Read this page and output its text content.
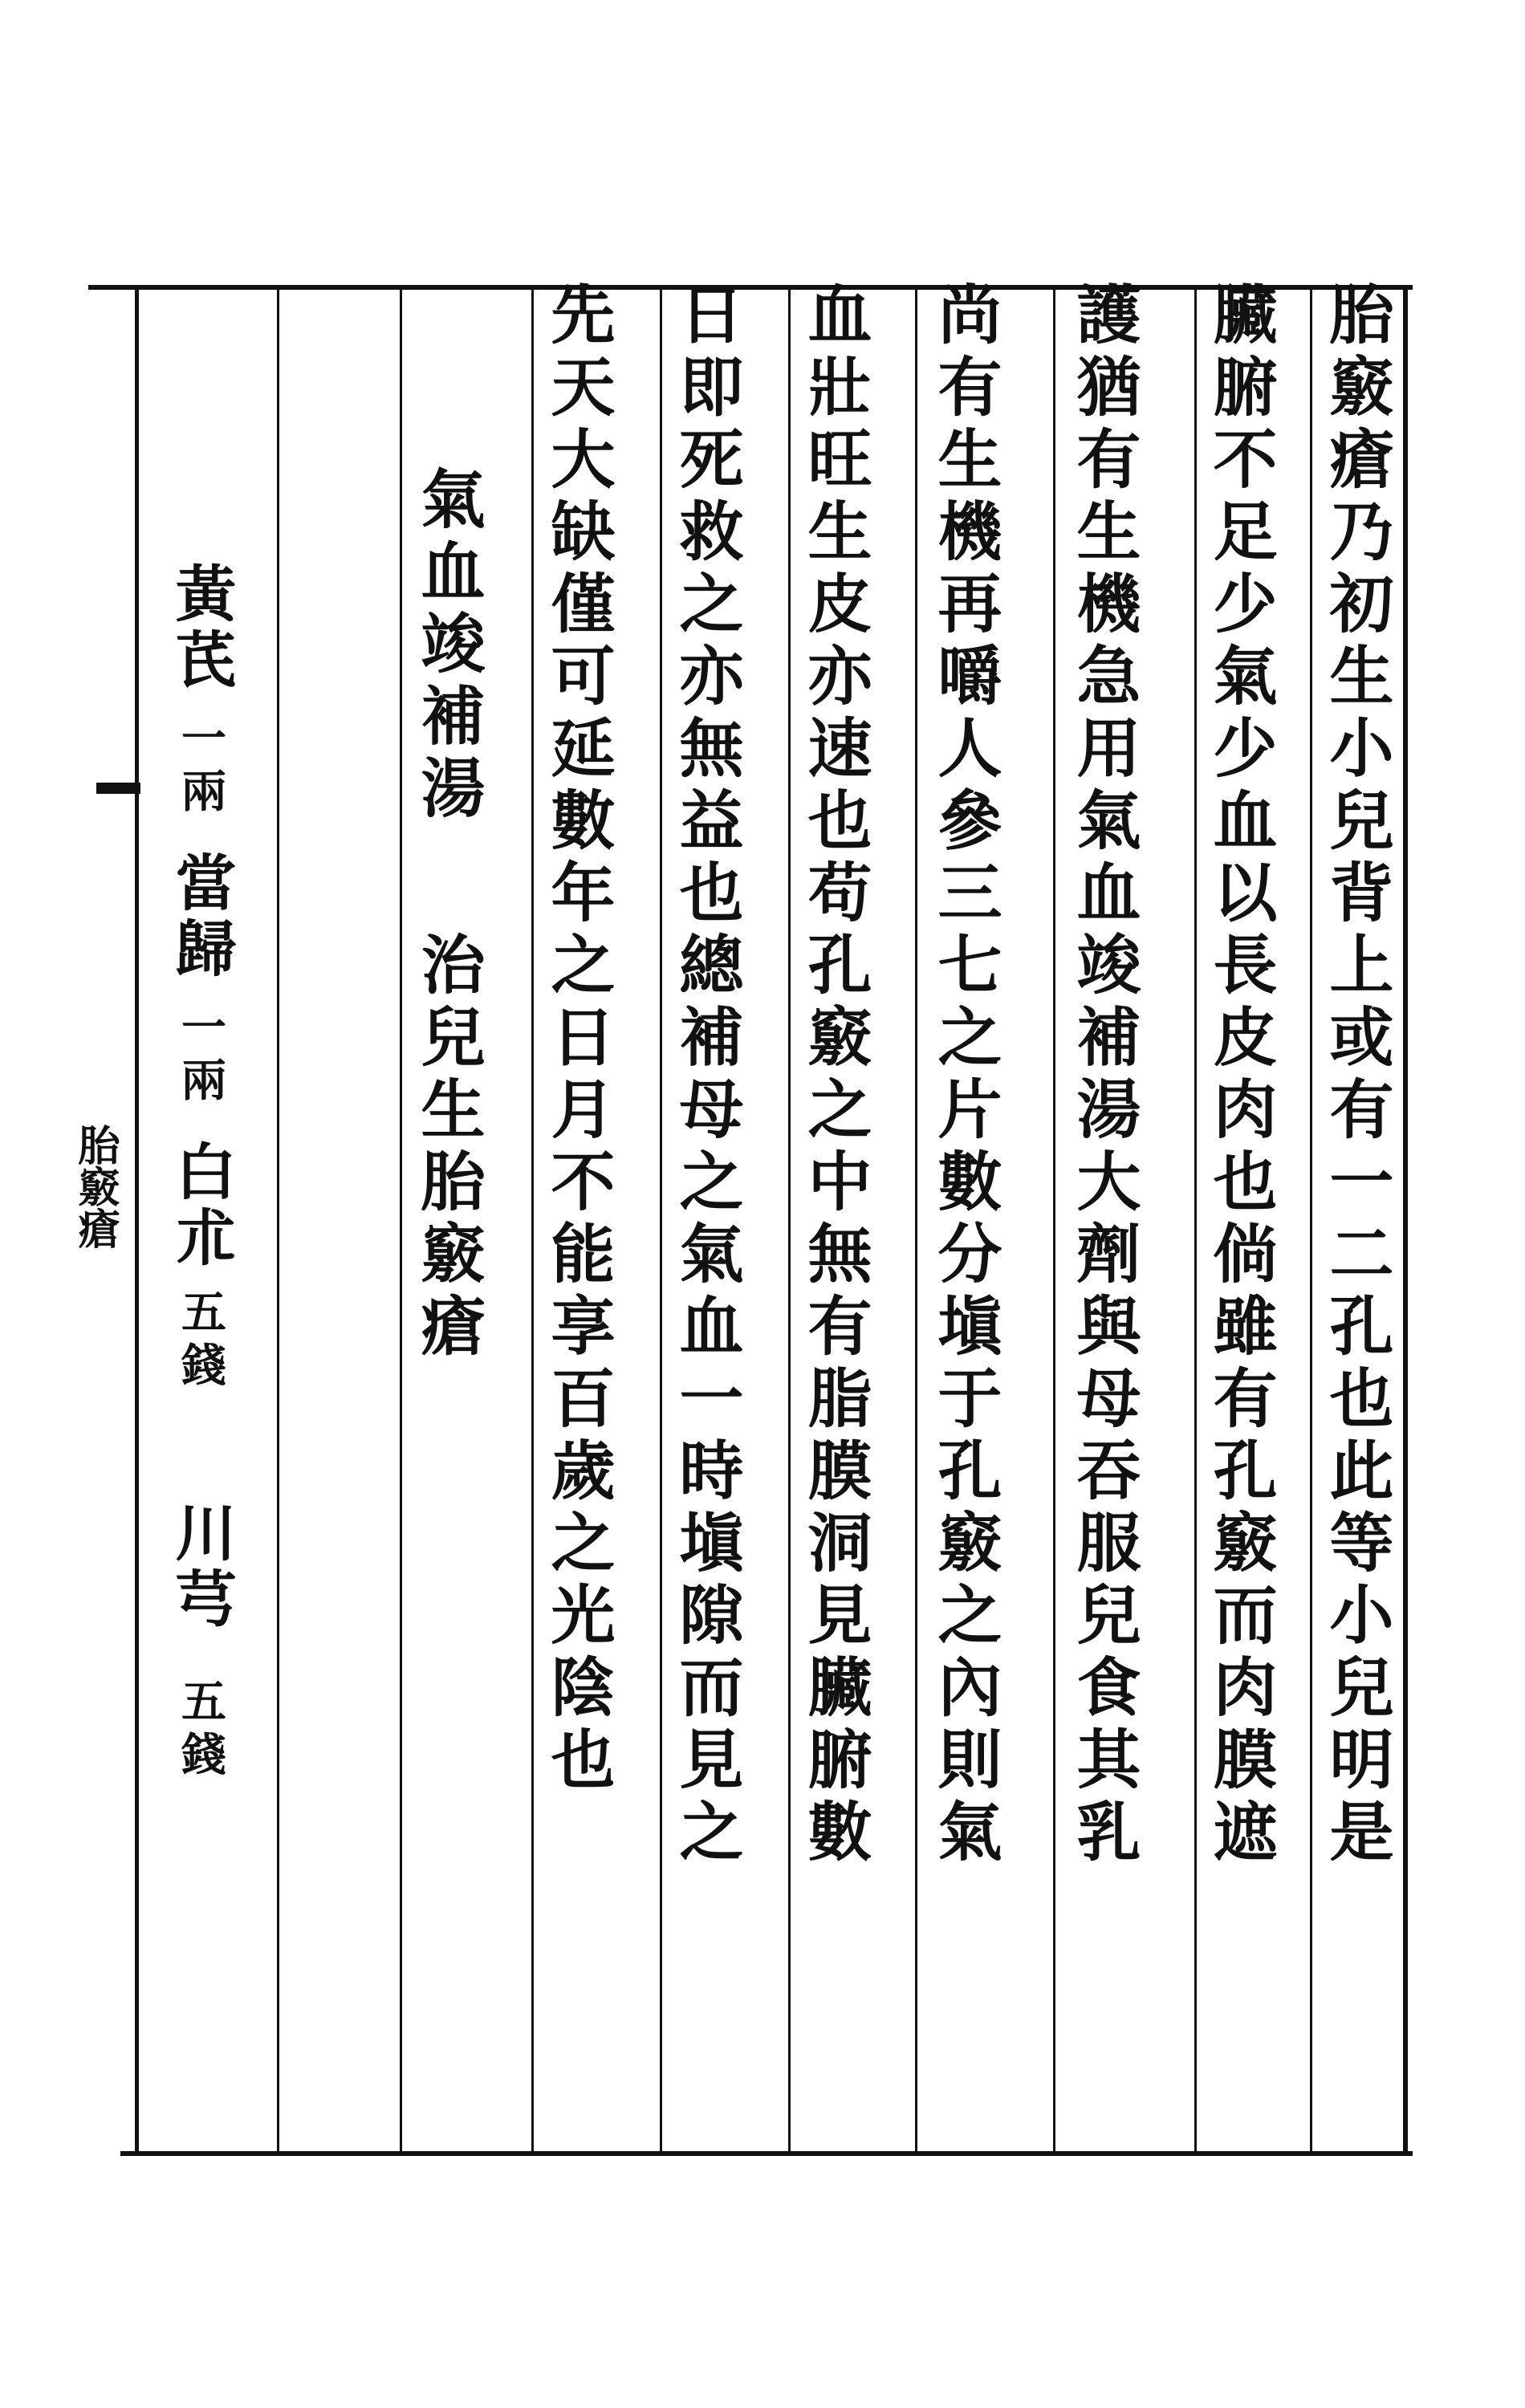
胎竅瘡	胎竅瘡乃初生小兒背上或有一二孔也此等小兒明是
臟腑不足少氣少血以長皮肉也倘雖有孔竅而肉膜遮
護猶有生機急用氣血竣補湯大劑與母吞服兒食其乳
尚有生機再嚼人參三七之片數分塡于孔竅之內則氣
血壯旺生皮亦速也苟孔竅之中無有脂膜洞見臟腑數
日即死救之亦無益也總補母之氣血一時塡隙而見之
先天大缺僅可延數年之日月不能享百歲之光陰也
氣血竣補湯
治兒生胎竅瘡
黃芪
一兩
當歸
一兩
白朮
五錢
川芎
五錢
